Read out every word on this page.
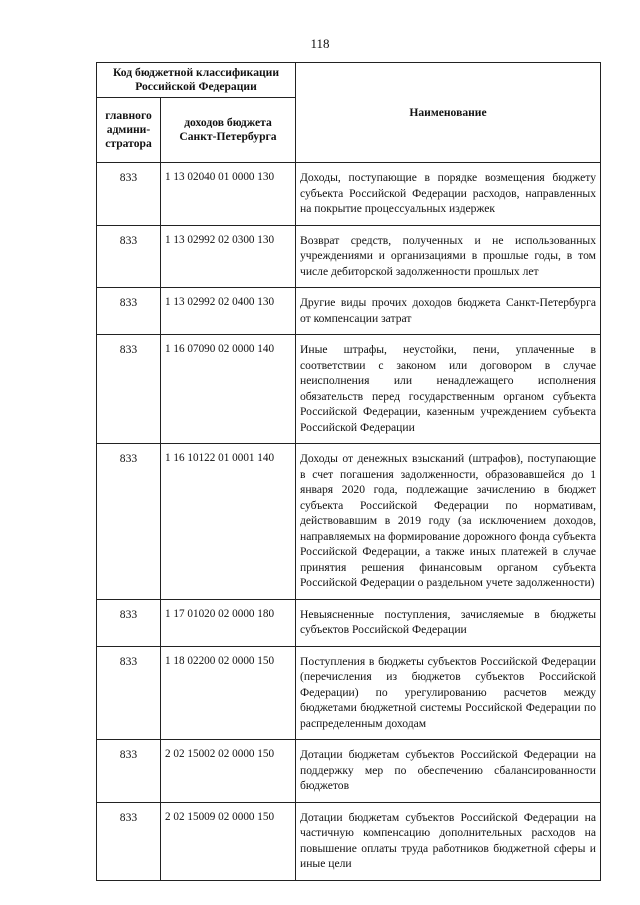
118
Код бюджетной классификации Российской Федерации		Наименование
главного админи-стратора	доходов бюджета Санкт-Петербурга	
833	1 13 02040 01 0000 130	Доходы, поступающие в порядке возмещения бюджету субъекта Российской Федерации расходов, направленных на покрытие процессуальных издержек
833	1 13 02992 02 0300 130	Возврат средств, полученных и не использованных учреждениями и организациями в прошлые годы, в том числе дебиторской задолженности прошлых лет
833	1 13 02992 02 0400 130	Другие виды прочих доходов бюджета Санкт-Петербурга от компенсации затрат
833	1 16 07090 02 0000 140	Иные штрафы, неустойки, пени, уплаченные в соответствии с законом или договором в случае неисполнения или ненадлежащего исполнения обязательств перед государственным органом субъекта Российской Федерации, казенным учреждением субъекта Российской Федерации
833	1 16 10122 01 0001 140	Доходы от денежных взысканий (штрафов), поступающие в счет погашения задолженности, образовавшейся до 1 января 2020 года, подлежащие зачислению в бюджет субъекта Российской Федерации по нормативам, действовавшим в 2019 году (за исключением доходов, направляемых на формирование дорожного фонда субъекта Российской Федерации, а также иных платежей в случае принятия решения финансовым органом субъекта Российской Федерации о раздельном учете задолженности)
833	1 17 01020 02 0000 180	Невыясненные поступления, зачисляемые в бюджеты субъектов Российской Федерации
833	1 18 02200 02 0000 150	Поступления в бюджеты субъектов Российской Федерации (перечисления из бюджетов субъектов Российской Федерации) по урегулированию расчетов между бюджетами бюджетной системы Российской Федерации по распределенным доходам
833	2 02 15002 02 0000 150	Дотации бюджетам субъектов Российской Федерации на поддержку мер по обеспечению сбалансированности бюджетов
833	2 02 15009 02 0000 150	Дотации бюджетам субъектов Российской Федерации на частичную компенсацию дополнительных расходов на повышение оплаты труда работников бюджетной сферы и иные цели
